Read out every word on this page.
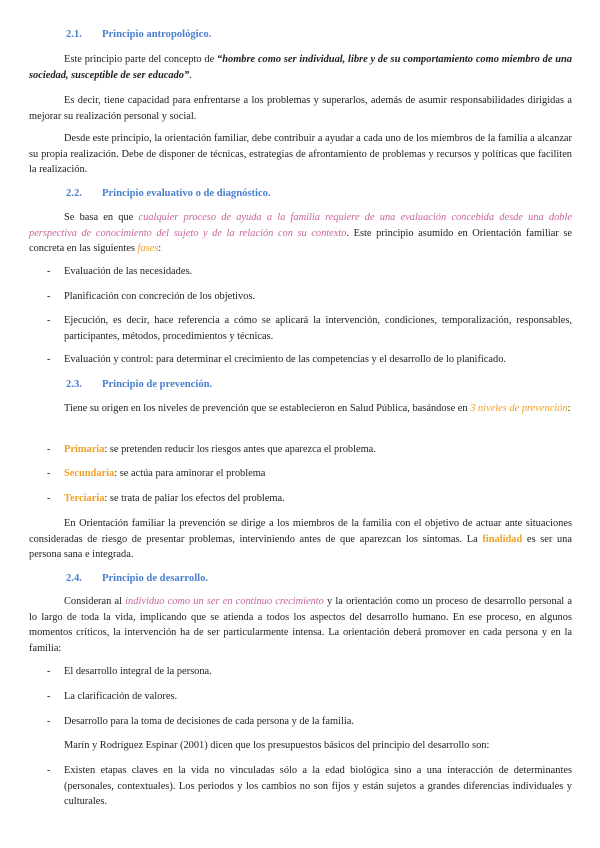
2.1. Principio antropológico.
Este principio parte del concepto de “hombre como ser individual, libre y de su comportamiento como miembro de una sociedad, susceptible de ser educado”.
Es decir, tiene capacidad para enfrentarse a los problemas y superarlos, además de asumir responsabilidades dirigidas a mejorar su realización personal y social.
Desde este principio, la orientación familiar, debe contribuir a ayudar a cada uno de los miembros de la familia a alcanzar su propia realización. Debe de disponer de técnicas, estrategias de afrontamiento de problemas y recursos y políticas que faciliten la realización.
2.2. Principio evaluativo o de diagnóstico.
Se basa en que cualquier proceso de ayuda a la familia requiere de una evaluación concebida desde una doble perspectiva de conocimiento del sujeto y de la relación con su contexto. Este principio asumido en Orientación familiar se concreta en las siguientes fases:
- Evaluación de las necesidades.
- Planificación con concreción de los objetivos.
- Ejecución, es decir, hace referencia a cómo se aplicará la intervención, condiciones, temporalización, responsables, participantes, métodos, procedimientos y técnicas.
- Evaluación y control: para determinar el crecimiento de las competencias y el desarrollo de lo planificado.
2.3. Principio de prevención.
Tiene su origen en los niveles de prevención que se establecieron en Salud Pública, basándose en 3 niveles de prevención:
- Primaria: se pretenden reducir los riesgos antes que aparezca el problema.
- Secundaria: se actúa para aminorar el problema
- Terciaria: se trata de paliar los efectos del problema.
En Orientación familiar la prevención se dirige a los miembros de la familia con el objetivo de actuar ante situaciones consideradas de riesgo de presentar problemas, interviniendo antes de que aparezcan los síntomas. La finalidad es ser una persona sana e integrada.
2.4. Principio de desarrollo.
Consideran al individuo como un ser en continuo crecimiento y la orientación como un proceso de desarrollo personal a lo largo de toda la vida, implicando que se atienda a todos los aspectos del desarrollo humano. En ese proceso, en algunos momentos críticos, la intervención ha de ser particularmente intensa. La orientación deberá promover en cada persona y en la familia:
- El desarrollo integral de la persona.
- La clarificación de valores.
- Desarrollo para la toma de decisiones de cada persona y de la familia.
Marín y Rodríguez Espinar (2001) dicen que los presupuestos básicos del principio del desarrollo son:
- Existen etapas claves en la vida no vinculadas sólo a la edad biológica sino a una interacción de determinantes (personales, contextuales). Los periodos y los cambios no son fijos y están sujetos a grandes diferencias individuales y culturales.
